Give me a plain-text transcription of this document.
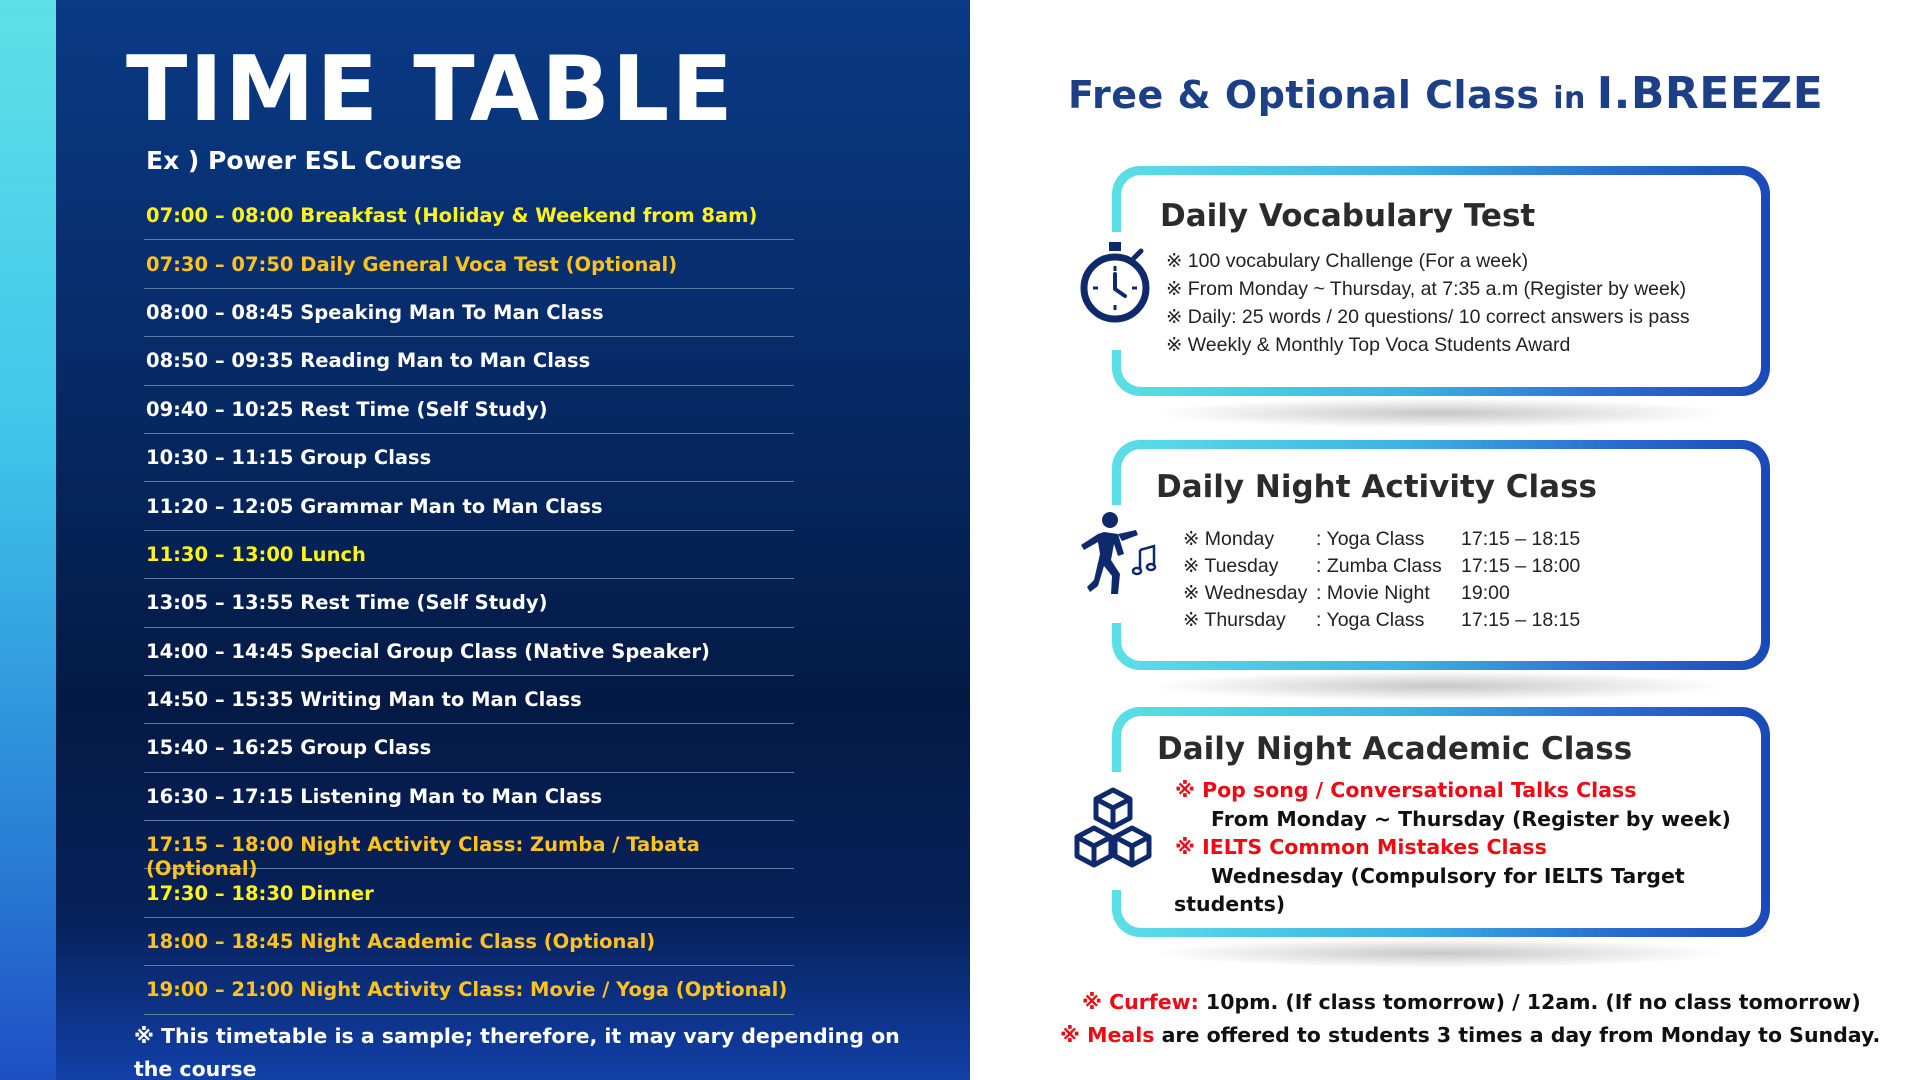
TIME TABLE
Ex ) Power ESL Course
07:00 – 08:00 Breakfast (Holiday & Weekend from 8am)
07:30 – 07:50 Daily General Voca Test (Optional)
08:00 – 08:45 Speaking Man To Man Class
08:50 – 09:35 Reading Man to Man Class
09:40 – 10:25 Rest Time (Self Study)
10:30 – 11:15 Group Class
11:20 – 12:05 Grammar Man to Man Class
11:30 – 13:00 Lunch
13:05 – 13:55 Rest Time (Self Study)
14:00 – 14:45 Special Group Class (Native Speaker)
14:50 – 15:35 Writing Man to Man Class
15:40 – 16:25 Group Class
16:30 – 17:15 Listening Man to Man Class
17:15 – 18:00 Night Activity Class: Zumba / Tabata
(Optional)
17:30 – 18:30 Dinner
18:00 – 18:45 Night Academic Class (Optional)
19:00 – 21:00 Night Activity Class: Movie / Yoga (Optional)
※ This timetable is a sample; therefore, it may vary depending on the course
Free & Optional Class in I.BREEZE
Daily Vocabulary Test
※ 100 vocabulary Challenge (For a week)
※ From Monday ~ Thursday, at 7:35 a.m (Register by week)
※ Daily: 25 words / 20 questions/ 10 correct answers is pass
※ Weekly & Monthly Top Voca Students Award
Daily Night Activity Class
※ Monday	: Yoga Class	17:15 – 18:15
※ Tuesday	: Zumba Class 17:15 – 18:00
※ Wednesday : Movie Night	19:00
※ Thursday	: Yoga Class	17:15 – 18:15
Daily Night Academic Class
※ Pop song / Conversational Talks Class
From Monday ~ Thursday (Register by week)
※ IELTS Common Mistakes Class
Wednesday (Compulsory for IELTS Target
students)
※ Curfew: 10pm. (If class tomorrow) / 12am. (If no class tomorrow)
※ Meals are offered to students 3 times a day from Monday to Sunday.
